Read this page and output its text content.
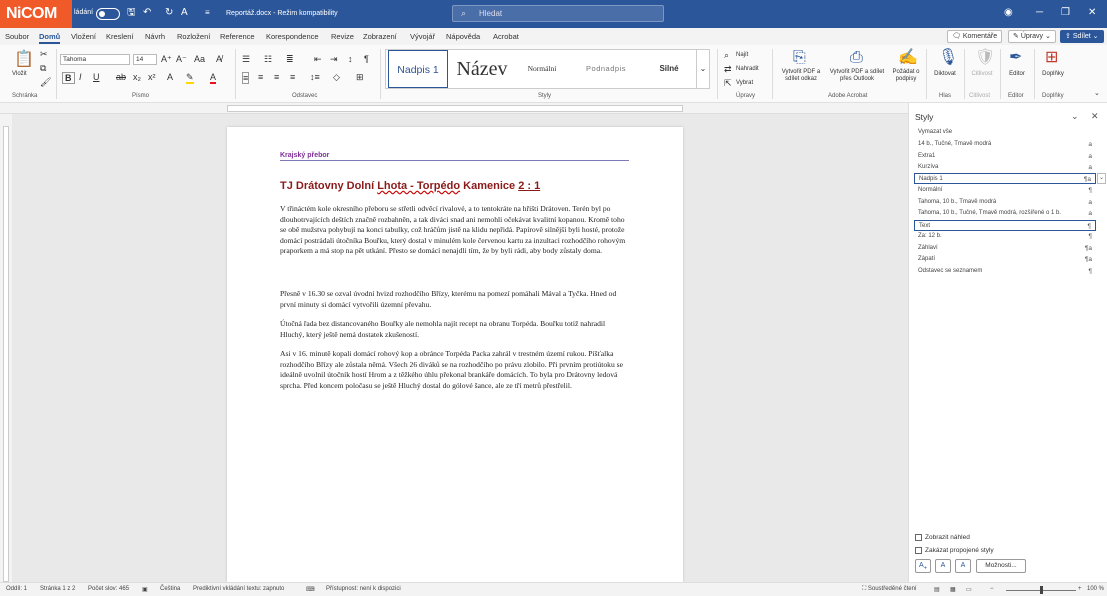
NiCOM	ládání	🖫 ↶ ↻ A ≡ Reportáž.docx - Režim kompatibility	⌕ Hledat	◉ ─ ❐ ✕
Soubor Domů Vložení Kreslení Návrh Rozložení Reference Korespondence Revize Zobrazení Vývojář Nápověda Acrobat	🗨 Komentáře	✎ Úpravy ⌄	⇪ Sdílet ⌄
📋
Vložit
✂
⧉
🖌
Schránka
Tahoma	14	A⁺ A⁻ Aa A̸
B I U ab x₂ x² A ✎ A
Písmo
☰ ☷ ≣ ⇤ ⇥ ↕ ¶
≡ ≡ ≡ ≡ ↕≡ ◇ ⊞
Odstavec
Nadpis 1 Název	Normální	Podnadpis	Silné	⌄
Styly
⌕ Najít
⇄ Nahradit
⇱ Vybrat
Úpravy
⎘
Vytvořit PDF a sdílet odkaz
⎙
Vytvořit PDF a sdílet přes Outlook
✍
Požádat o podpisy
Adobe Acrobat
🎙
Diktovat
Hlas
🛡
Citlivost
Citlivost
✒
Editor
Editor
⊞
Doplňky
Doplňky	⌄
Krajský přebor
TJ Drátovny Dolní Lhota - Torpédo Kamenice 2 : 1
V třináctém kole okresního přeboru se střetli odvěcí rivalové, a to tentokráte na hřišti Drátoven. Terén byl po dlouhotrvajících deštích značně rozbahněn, a tak diváci snad ani nemohli očekávat kvalitní kopanou. Kromě toho se obě mužstva pohybují na konci tabulky, což hráčům jistě na klidu nepřidá. Papírově silnější byli hosté, protože domácí postrádali útočníka Bouřku, který dostal v minulém kole červenou kartu za inzultaci rozhodčího rohovým praporkem a má stop na pět utkání. Přesto se domácí nenajdli tím, že by byli rádi, aby body zůstaly doma.
Přesně v 16.30 se ozval úvodní hvizd rozhodčího Břízy, kterému na pomezí pomáhali Mával a Tyčka. Hned od první minuty si domácí vytvořili územní převahu.
Útočná řada bez distancovaného Bouřky ale nemohla najít recept na obranu Torpéda. Bouřku totiž nahradil Hluchý, který ještě nemá dostatek zkušeností.
Asi v 16. minutě kopali domácí rohový kop a obránce Torpéda Packa zahrál v trestném území rukou. Píšťalka rozhodčího Břízy ale zůstala němá. Všech 26 diváků se na rozhodčího po právu zlobilo. Při prvním protiútoku se ideálně uvolnil útočník hostí Hrom a z těžkého úhlu překonal brankáře domácích. To byla pro Drátovny ledová sprcha. Před koncem poločasu se ještě Hluchý dostal do gólové šance, ale ze tří metrů přestřelil.
Styly	⌄ ✕
Vymazat vše
14 b., Tučné, Tmavě modrá	a
Extra1	a
Kurzíva	a
Nadpis 1	¶a	⌄
Normální	¶
Tahoma, 10 b., Tmavě modrá	a
Tahoma, 10 b., Tučné, Tmavě modrá, rozšířené o 1 b.	a
Text	¶
Za: 12 b.	¶
Záhlaví	¶a
Zápatí	¶a
Odstavec se seznamem	¶
Zobrazit náhled
Zakázat propojené styly
$A_+$	A	A	Možnosti...
Oddíl: 1 Stránka 1 z 2 Počet slov: 465 ▣ Čeština Prediktivní vkládání textu: zapnuto	⌨ Přístupnost: není k dispozici	⛶ Soustředěné čtení	▤ ▦ ▭	−	+ 100 %
